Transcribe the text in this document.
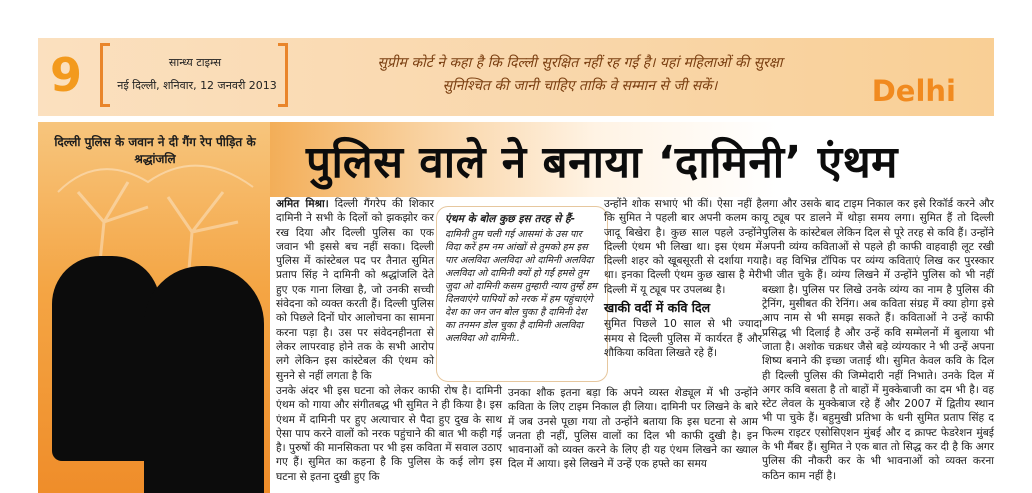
9	सान्ध्य टाइम्स
नई दिल्ली, शनिवार, 12 जनवरी 2013
सुप्रीम कोर्ट ने कहा है कि दिल्ली सुरक्षित नहीं रह गई है। यहां महिलाओं की सुरक्षा
सुनिश्चित की जानी चाहिए ताकि वे सम्मान से जी सकें।	Delhi
दिल्ली पुलिस के जवान ने दी गैंग रेप पीड़ित के श्रद्धांजलि	पुलिस वाले ने बनाया ‘दामिनी’ एंथम
अमित मिश्रा। दिल्ली गैंगरेप की शिकार दामिनी ने सभी के दिलों को झकझोर कर रख दिया और दिल्ली पुलिस का एक जवान भी इससे बच नहीं सका। दिल्ली पुलिस में कांस्टेबल पद पर तैनात सुमित प्रताप सिंह ने दामिनी को श्रद्धांजलि देते हुए एक गाना लिखा है, जो उनकी सच्ची संवेदना को व्यक्त करती हैं। दिल्ली पुलिस को पिछले दिनों घोर आलोचना का सामना करना पड़ा है। उस पर संवेदनहीनता से लेकर लापरवाह होने तक के सभी आरोप लगे लेकिन इस कांस्टेबल की एंथम को सुनने से नहीं लगता है कि
उनके अंदर भी इस घटना को लेकर काफी रोष है। दामिनी एंथम को गाया और संगीतबद्ध भी सुमित ने ही किया है। इस एंथम में दामिनी पर हुए अत्याचार से पैदा हुए दुख के साथ ऐसा पाप करने वालों को नरक पहुंचाने की बात भी कही गई है। पुरुषों की मानसिकता पर भी इस कविता में सवाल उठाए गए हैं। सुमित का कहना है कि पुलिस के कई लोग इस घटना से इतना दुखी हुए कि
एंथम के बोल कुछ इस तरह से हैं-
दामिनी तुम चली गई आसमां के उस पार विदा करें हम नम आंखों से तुमको हम इस पार अलविदा अलविदा ओ दामिनी अलविदा अलविदा ओ दामिनी क्यों हो गईं हमसे तुम जुदा ओ दामिनी कसम तुम्हारी न्याय तुम्हें हम दिलवाएंगे पापियों को नरक में हम पहुंचाएंगे देश का जन जन बोल चुका है दामिनी देश का तनमन डोल चुका है दामिनी अलविदा अलविदा ओ दामिनी..
उनका शौक इतना बड़ा कि अपने व्यस्त शेड्यूल में भी उन्होंने कविता के लिए टाइम निकाल ही लिया। दामिनी पर लिखने के बारे में जब उनसे पूछा गया तो उन्होंने बताया कि इस घटना से आम जनता ही नहीं, पुलिस वालों का दिल भी काफी दुखी है। इन भावनाओं को व्यक्त करने के लिए ही यह एंथम लिखने का ख्याल दिल में आया। इसे लिखने में उन्हें एक हफ्ते का समय
उन्होंने शोक सभाएं भी कीं। ऐसा नहीं है कि सुमित ने पहली बार अपनी कलम का जादू बिखेरा है। कुछ साल पहले उन्होंने दिल्ली एंथम भी लिखा था। इस एंथम में दिल्ली शहर को खूबसूरती से दर्शाया गया था। इनका दिल्ली एंथम कुछ खास है मेरी दिल्ली में यू ट्यूब पर उपलब्ध है।
खाकी वर्दी में कवि दिल
सुमित पिछले 10 साल से भी ज्यादा समय से दिल्ली पुलिस में कार्यरत हैं और शौकिया कविता लिखते रहे हैं।
लगा और उसके बाद टाइम निकाल कर इसे रिकॉर्ड करने और यू ट्यूब पर डालने में थोड़ा समय लगा। सुमित हैं तो दिल्ली पुलिस के कांस्टेबल लेकिन दिल से पूरे तरह से कवि हैं। उन्होंने अपनी व्यंग्य कविताओं से पहले ही काफी वाहवाही लूट रखी है। वह विभिन्न टॉपिक पर व्यंग्य कविताएं लिख कर पुरस्कार भी जीत चुके हैं। व्यंग्य लिखने में उन्होंने पुलिस को भी नहीं बख्शा है। पुलिस पर लिखे उनके व्यंग्य का नाम है पुलिस की ट्रेनिंग, मुसीबत की रेनिंग। अब कविता संग्रह में क्या होगा इसे आप नाम से भी समझ सकते हैं। कविताओं ने उन्हें काफी प्रसिद्ध भी दिलाई है और उन्हें कवि सम्मेलनों में बुलाया भी जाता है। अशोक चक्रधर जैसे बड़े व्यंग्यकार ने भी उन्हें अपना शिष्य बनाने की इच्छा जताई थी। सुमित केवल कवि के दिल ही दिल्ली पुलिस की जिम्मेदारी नहीं निभाते। उनके दिल में अगर कवि बसता है तो बाहों में मुक्केबाजी का दम भी है। वह स्टेट लेवल के मुक्केबाज रहे हैं और 2007 में द्वितीय स्थान भी पा चुके हैं। बहुमुखी प्रतिभा के धनी सुमित प्रताप सिंह द फिल्म राइटर एसोसिएशन मुंबई और द क्राफ्ट फेडरेशन मुंबई के भी मैंबर हैं। सुमित ने एक बात तो सिद्ध कर दी है कि अगर पुलिस की नौकरी कर के भी भावनाओं को व्यक्त करना कठिन काम नहीं है।
